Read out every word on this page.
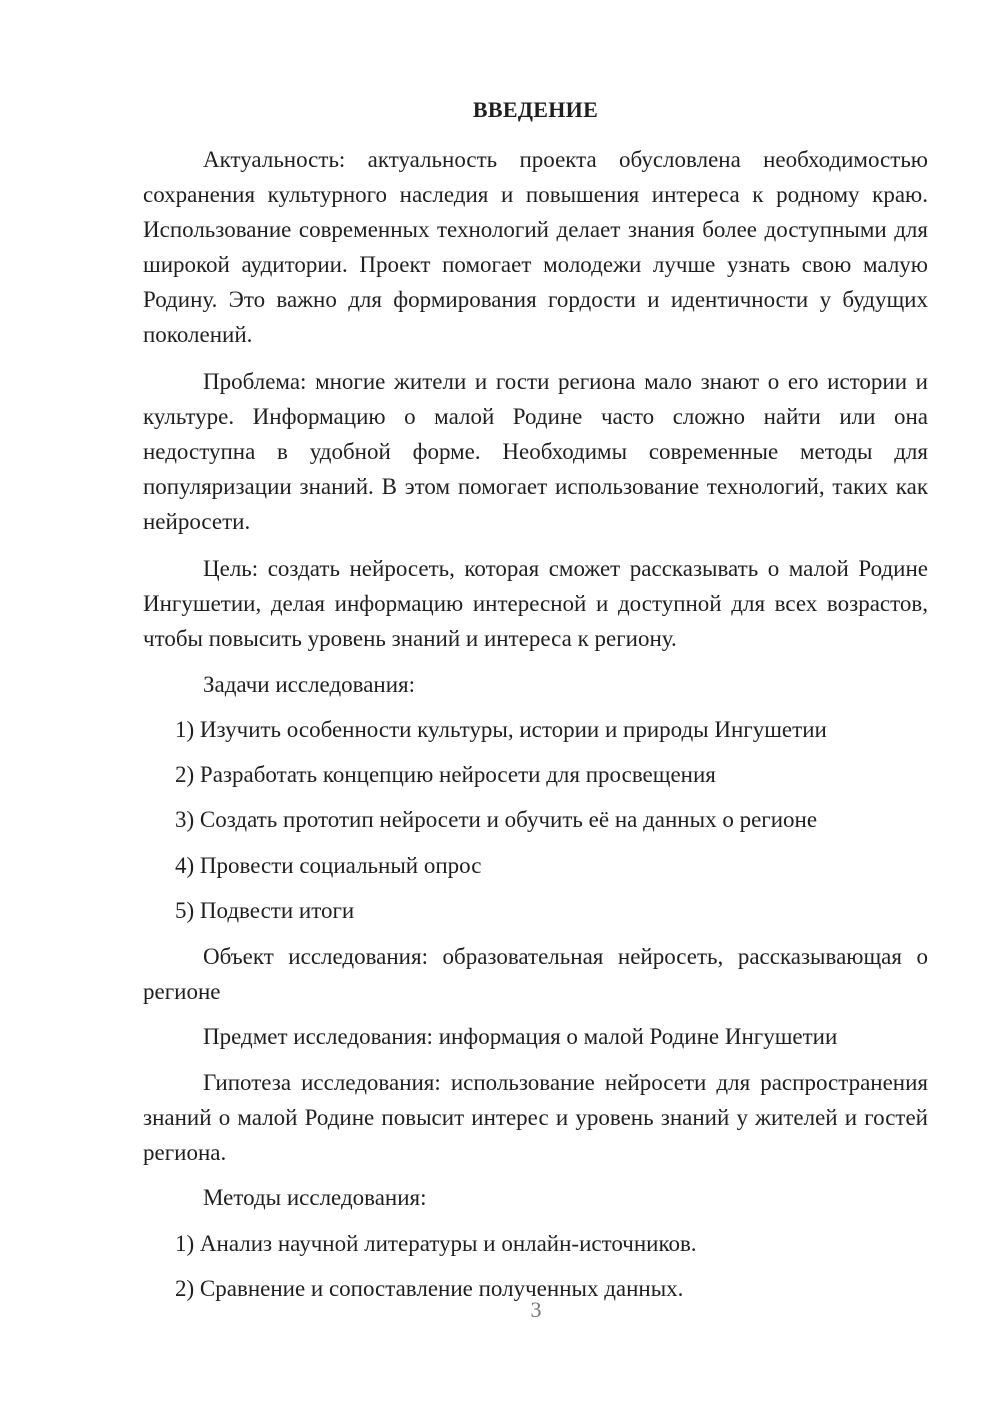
ВВЕДЕНИЕ

Актуальность: актуальность проекта обусловлена необходимостью сохранения культурного наследия и повышения интереса к родному краю. Использование современных технологий делает знания более доступными для широкой аудитории. Проект помогает молодежи лучше узнать свою малую Родину. Это важно для формирования гордости и идентичности у будущих поколений.

Проблема: многие жители и гости региона мало знают о его истории и культуре. Информацию о малой Родине часто сложно найти или она недоступна в удобной форме. Необходимы современные методы для популяризации знаний. В этом помогает использование технологий, таких как нейросети.

Цель: создать нейросеть, которая сможет рассказывать о малой Родине Ингушетии, делая информацию интересной и доступной для всех возрастов, чтобы повысить уровень знаний и интереса к региону.

Задачи исследования:

1) Изучить особенности культуры, истории и природы Ингушетии

2) Разработать концепцию нейросети для просвещения

3) Создать прототип нейросети и обучить её на данных о регионе

4) Провести социальный опрос

5) Подвести итоги

Объект исследования: образовательная нейросеть, рассказывающая о регионе

Предмет исследования: информация о малой Родине Ингушетии

Гипотеза исследования: использование нейросети для распространения знаний о малой Родине повысит интерес и уровень знаний у жителей и гостей региона.

Методы исследования:

1) Анализ научной литературы и онлайн-источников.

2) Сравнение и сопоставление полученных данных.

3
